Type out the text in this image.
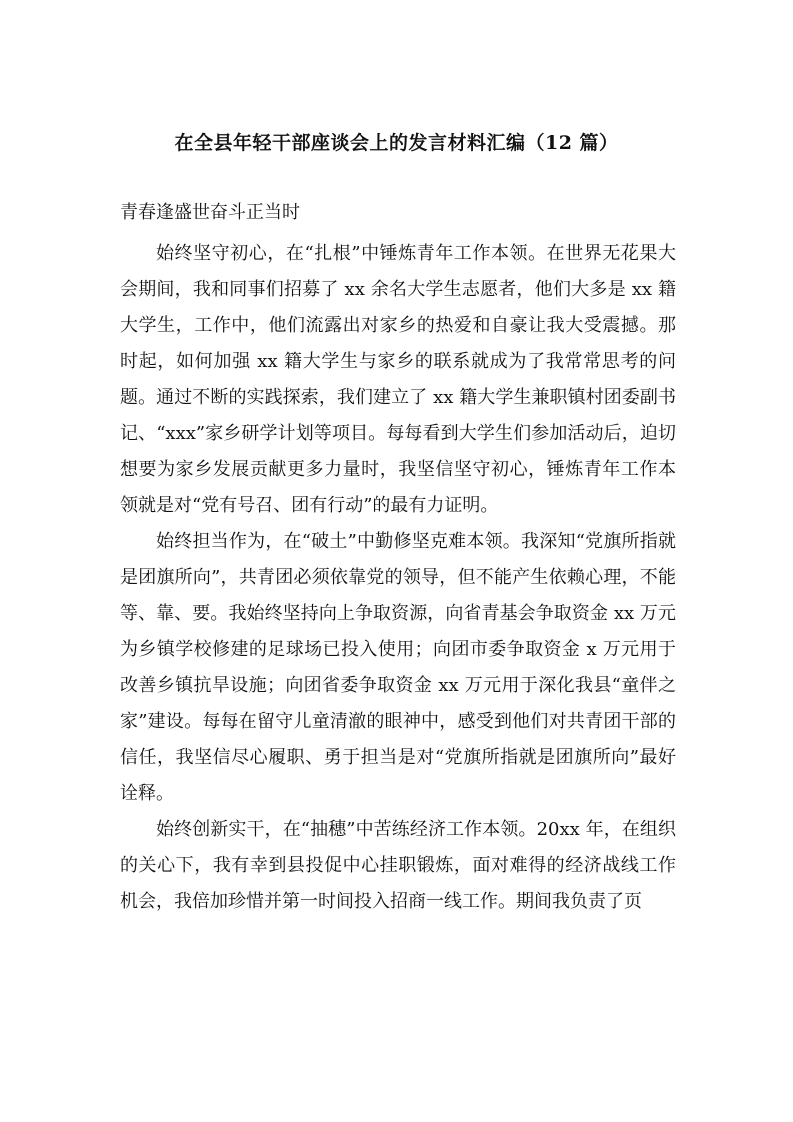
在全县年轻干部座谈会上的发言材料汇编（12 篇）
青春逢盛世奋斗正当时

始终坚守初心，在“扎根”中锤炼青年工作本领。在世界无花果大会期间，我和同事们招募了 xx 余名大学生志愿者，他们大多是 xx 籍大学生，工作中，他们流露出对家乡的热爱和自豪让我大受震撼。那时起，如何加强 xx 籍大学生与家乡的联系就成为了我常常思考的问题。通过不断的实践探索，我们建立了 xx 籍大学生兼职镇村团委副书记、“xxx”家乡研学计划等项目。每每看到大学生们参加活动后，迫切想要为家乡发展贡献更多力量时，我坚信坚守初心，锤炼青年工作本领就是对“党有号召、团有行动”的最有力证明。

始终担当作为，在“破土”中勤修坚克难本领。我深知“党旗所指就是团旗所向”，共青团必须依靠党的领导，但不能产生依赖心理，不能等、靠、要。我始终坚持向上争取资源，向省青基会争取资金 xx 万元为乡镇学校修建的足球场已投入使用；向团市委争取资金 x 万元用于改善乡镇抗旱设施；向团省委争取资金 xx 万元用于深化我县“童伴之家”建设。每每在留守儿童清澈的眼神中，感受到他们对共青团干部的信任，我坚信尽心履职、勇于担当是对“党旗所指就是团旗所向”最好诠释。

始终创新实干，在“抽穗”中苦练经济工作本领。20xx 年，在组织的关心下，我有幸到县投促中心挂职锻炼，面对难得的经济战线工作机会，我倍加珍惜并第一时间投入招商一线工作。期间我负责了页
